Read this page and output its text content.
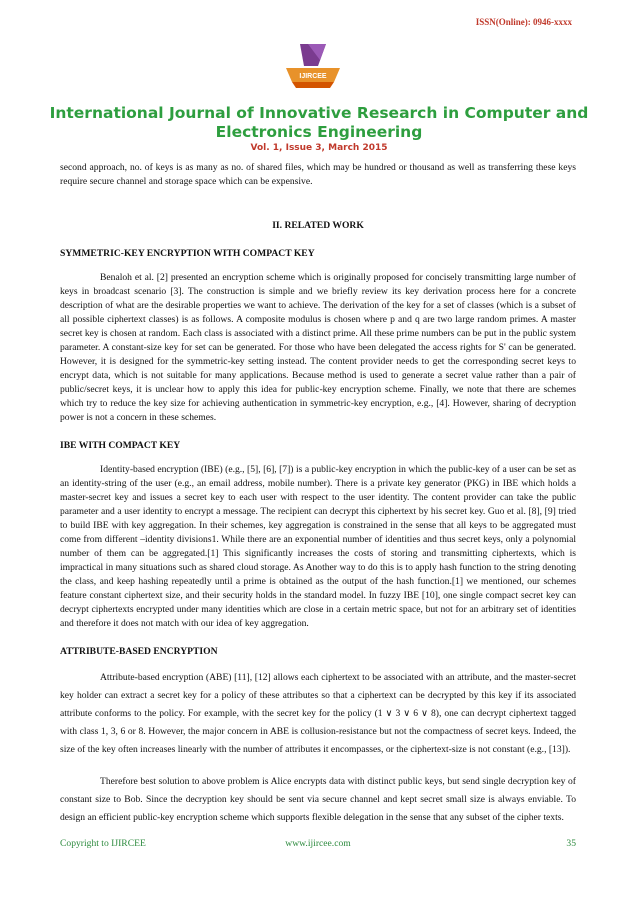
ISSN(Online): 0946-xxxx
IJIRCEE
International Journal of Innovative Research in Computer and Electronics Engineering
Vol. 1, Issue 3, March 2015

second approach, no. of keys is as many as no. of shared files, which may be hundred or thousand as well as transferring these keys require secure channel and storage space which can be expensive.

II. RELATED WORK
SYMMETRIC-KEY ENCRYPTION WITH COMPACT KEY

Benaloh et al. [2] presented an encryption scheme which is originally proposed for concisely transmitting large number of keys in broadcast scenario [3]. The construction is simple and we briefly review its key derivation process here for a concrete description of what are the desirable properties we want to achieve. The derivation of the key for a set of classes (which is a subset of all possible ciphertext classes) is as follows. A composite modulus is chosen where p and q are two large random primes. A master secret key is chosen at random. Each class is associated with a distinct prime. All these prime numbers can be put in the public system parameter. A constant-size key for set can be generated. For those who have been delegated the access rights for S' can be generated. However, it is designed for the symmetric-key setting instead. The content provider needs to get the corresponding secret keys to encrypt data, which is not suitable for many applications. Because method is used to generate a secret value rather than a pair of public/secret keys, it is unclear how to apply this idea for public-key encryption scheme. Finally, we note that there are schemes which try to reduce the key size for achieving authentication in symmetric-key encryption, e.g., [4]. However, sharing of decryption power is not a concern in these schemes.

IBE WITH COMPACT KEY

Identity-based encryption (IBE) (e.g., [5], [6], [7]) is a public-key encryption in which the public-key of a user can be set as an identity-string of the user (e.g., an email address, mobile number). There is a private key generator (PKG) in IBE which holds a master-secret key and issues a secret key to each user with respect to the user identity. The content provider can take the public parameter and a user identity to encrypt a message. The recipient can decrypt this ciphertext by his secret key. Guo et al. [8], [9] tried to build IBE with key aggregation. In their schemes, key aggregation is constrained in the sense that all keys to be aggregated must come from different –identity divisions1. While there are an exponential number of identities and thus secret keys, only a polynomial number of them can be aggregated.[1] This significantly increases the costs of storing and transmitting ciphertexts, which is impractical in many situations such as shared cloud storage. As Another way to do this is to apply hash function to the string denoting the class, and keep hashing repeatedly until a prime is obtained as the output of the hash function.[1] we mentioned, our schemes feature constant ciphertext size, and their security holds in the standard model. In fuzzy IBE [10], one single compact secret key can decrypt ciphertexts encrypted under many identities which are close in a certain metric space, but not for an arbitrary set of identities and therefore it does not match with our idea of key aggregation.

ATTRIBUTE-BASED ENCRYPTION

Attribute-based encryption (ABE) [11], [12] allows each ciphertext to be associated with an attribute, and the master-secret key holder can extract a secret key for a policy of these attributes so that a ciphertext can be decrypted by this key if its associated attribute conforms to the policy. For example, with the secret key for the policy (1 ∨ 3 ∨ 6 ∨ 8), one can decrypt ciphertext tagged with class 1, 3, 6 or 8. However, the major concern in ABE is collusion-resistance but not the compactness of secret keys. Indeed, the size of the key often increases linearly with the number of attributes it encompasses, or the ciphertext-size is not constant (e.g., [13]).

Therefore best solution to above problem is Alice encrypts data with distinct public keys, but send single decryption key of constant size to Bob. Since the decryption key should be sent via secure channel and kept secret small size is always enviable. To design an efficient public-key encryption scheme which supports flexible delegation in the sense that any subset of the cipher texts.

Copyright to IJIRCEE	www.ijircee.com	35
